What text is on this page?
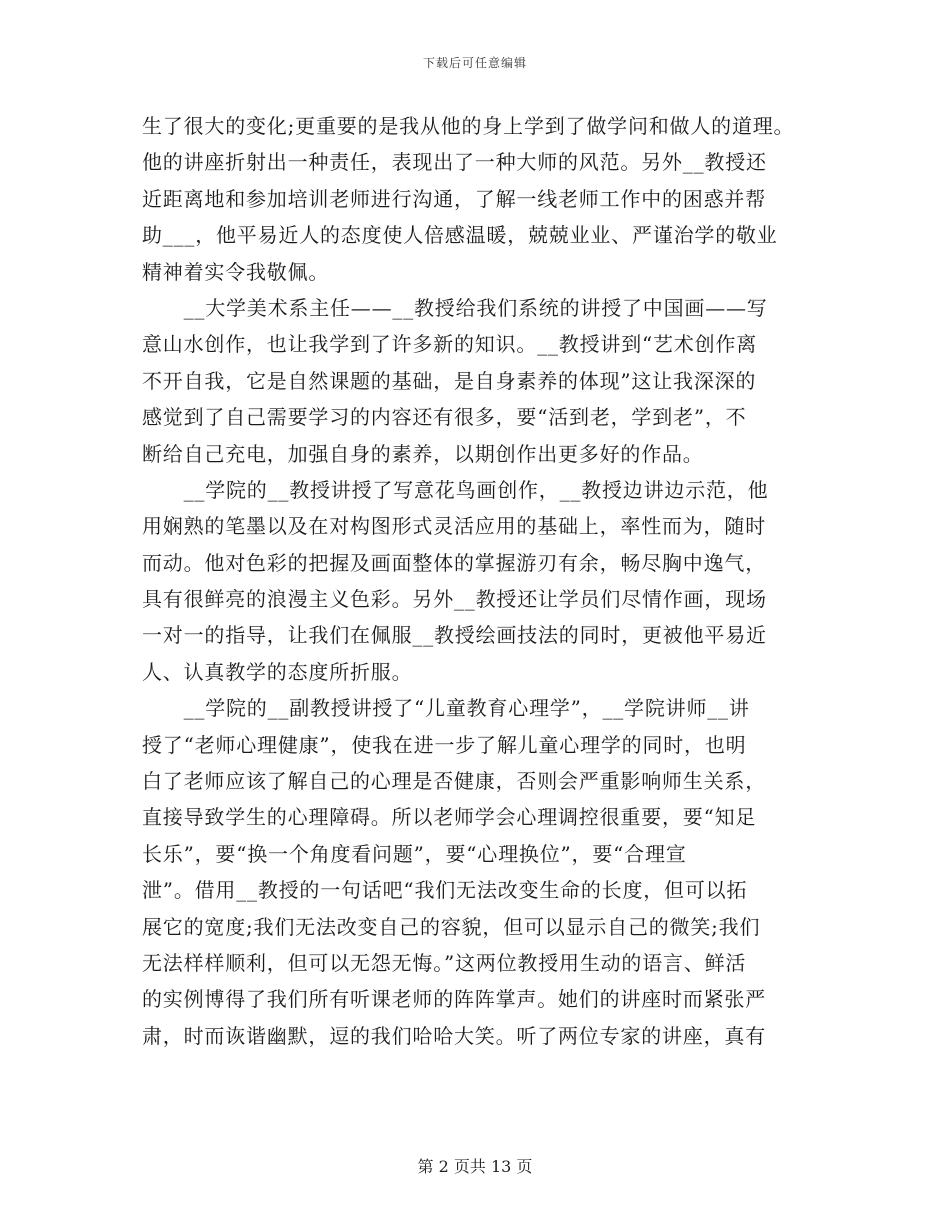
下载后可任意编辑
生了很大的变化;更重要的是我从他的身上学到了做学问和做人的道理。
他的讲座折射出一种责任，表现出了一种大师的风范。另外__教授还
近距离地和参加培训老师进行沟通，了解一线老师工作中的困惑并帮
助___，他平易近人的态度使人倍感温暖，兢兢业业、严谨治学的敬业
精神着实令我敬佩。
　　__大学美术系主任——__教授给我们系统的讲授了中国画——写
意山水创作，也让我学到了许多新的知识。__教授讲到“艺术创作离
不开自我，它是自然课题的基础，是自身素养的体现”这让我深深的
感觉到了自己需要学习的内容还有很多，要“活到老，学到老”，不
断给自己充电，加强自身的素养，以期创作出更多好的作品。
　　__学院的__教授讲授了写意花鸟画创作，__教授边讲边示范，他
用娴熟的笔墨以及在对构图形式灵活应用的基础上，率性而为，随时
而动。他对色彩的把握及画面整体的掌握游刃有余，畅尽胸中逸气，
具有很鲜亮的浪漫主义色彩。另外__教授还让学员们尽情作画，现场
一对一的指导，让我们在佩服__教授绘画技法的同时，更被他平易近
人、认真教学的态度所折服。
　　__学院的__副教授讲授了“儿童教育心理学”，__学院讲师__讲
授了“老师心理健康”，使我在进一步了解儿童心理学的同时，也明
白了老师应该了解自己的心理是否健康，否则会严重影响师生关系，
直接导致学生的心理障碍。所以老师学会心理调控很重要，要“知足
长乐”，要“换一个角度看问题”，要“心理换位”，要“合理宣
泄”。借用__教授的一句话吧“我们无法改变生命的长度，但可以拓
展它的宽度;我们无法改变自己的容貌，但可以显示自己的微笑;我们
无法样样顺利，但可以无怨无悔。”这两位教授用生动的语言、鲜活
的实例博得了我们所有听课老师的阵阵掌声。她们的讲座时而紧张严
肃，时而诙谐幽默，逗的我们哈哈大笑。听了两位专家的讲座，真有
第 2 页共 13 页
